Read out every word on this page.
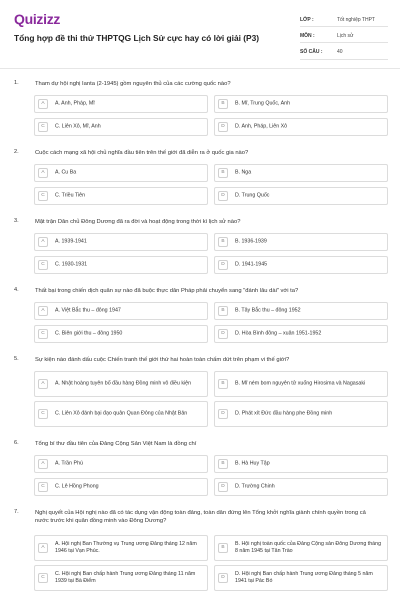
Quizizz
Tổng hợp đề thi thử THPTQG Lịch Sử cực hay có lời giải (P3)
LỚP :	Tốt nghiệp THPT
MÔN :	Lịch sử
SỐ CÂU :	40
1.	Tham dự hội nghị Ianta (2-1945) gồm nguyên thủ của các cường quốc nào?
A	A. Anh, Pháp, Mĩ	B	B. Mĩ, Trung Quốc, Anh
C	C. Liên Xô, Mĩ, Anh	D	D. Anh, Pháp, Liên Xô
2.	Cuộc cách mạng xã hội chủ nghĩa đầu tiên trên thế giới đã diễn ra ở quốc gia nào?
A	A. Cu Ba	B	B. Nga
C	C. Triều Tiên	D	D. Trung Quốc
3.	Mặt trận Dân chủ Đông Dương đã ra đời và hoạt động trong thời kì lịch sử nào?
A	A. 1939-1941	B	B. 1936-1939
C	C. 1930-1931	D	D. 1941-1945
4.	Thất bại trong chiến dịch quân sự nào đã buộc thực dân Pháp phải chuyển sang "đánh lâu dài" với ta?
A	A. Việt Bắc thu – đông 1947	B	B. Tây Bắc thu – đông 1952
C	C. Biên giới thu – đông 1950	D	D. Hòa Bình đông – xuân 1951-1952
5.	Sự kiện nào đánh dấu cuộc Chiến tranh thế giới thứ hai hoàn toàn chấm dứt trên phạm vi thế giới?
A	A. Nhật hoàng tuyên bố đầu hàng Đồng minh vô điều kiện	B	B. Mĩ ném bom nguyên tử xuống Hirosima và Nagasaki
C	C. Liên Xô đánh bại đạo quân Quan Đông của Nhật Bản	D	D. Phát xít Đức đầu hàng phe Đồng minh
6.	Tổng bí thư đầu tiên của Đảng Cộng Sản Việt Nam là đồng chí
A	A. Trần Phú	B	B. Hà Huy Tập
C	C. Lê Hồng Phong	D	D. Trường Chinh
7.	Nghị quyết của Hội nghị nào đã có tác dụng vận động toàn đảng, toàn dân đứng lên Tổng khởi nghĩa giành chính quyền trong cả nước trước khi quân đồng minh vào Đông Dương?
A
A. Hội nghị Ban Thường vụ Trung ương Đảng tháng 12 năm 1946 tại Vạn Phúc.
B
B. Hội nghị toàn quốc của Đảng Cộng sản Đông Dương tháng 8 năm 1945 tại Tân Trào
C
C. Hội nghị Ban chấp hành Trung ương Đảng tháng 11 năm 1939 tại Bà Điểm
D
D. Hội nghị Ban chấp hành Trung ương Đảng tháng 5 năm 1941 tại Pác Bó
